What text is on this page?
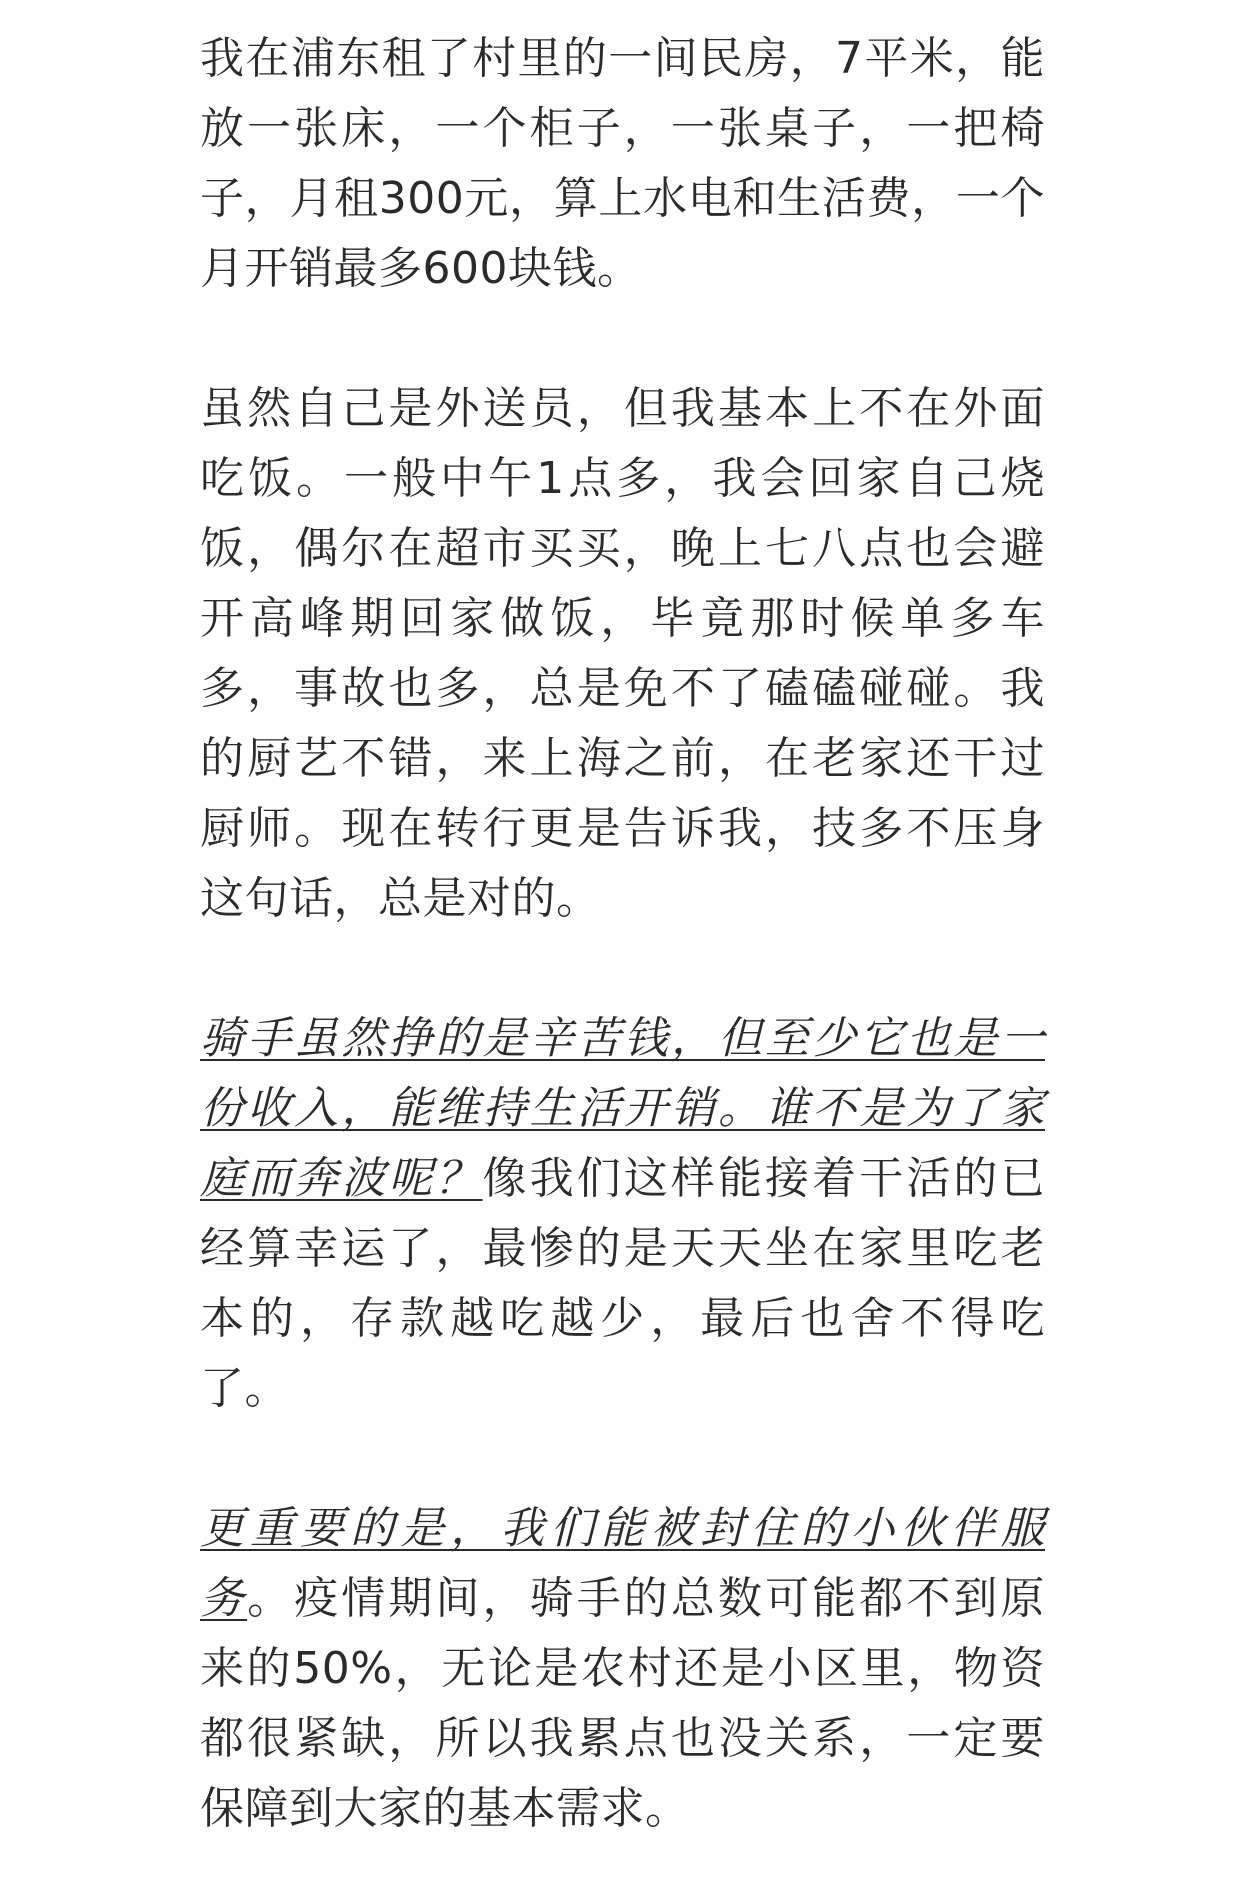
我在浦东租了村里的一间民房，7平米，能放一张床，一个柜子，一张桌子，一把椅子，月租300元，算上水电和生活费，一个月开销最多600块钱。

虽然自己是外送员，但我基本上不在外面吃饭。一般中午1点多，我会回家自己烧饭，偶尔在超市买买，晚上七八点也会避开高峰期回家做饭，毕竟那时候单多车多，事故也多，总是免不了磕磕碰碰。我的厨艺不错，来上海之前，在老家还干过厨师。现在转行更是告诉我，技多不压身这句话，总是对的。

骑手虽然挣的是辛苦钱，但至少它也是一份收入，能维持生活开销。谁不是为了家庭而奔波呢？像我们这样能接着干活的已经算幸运了，最惨的是天天坐在家里吃老本的，存款越吃越少，最后也舍不得吃了。

更重要的是，我们能被封住的小伙伴服务。疫情期间，骑手的总数可能都不到原来的50%，无论是农村还是小区里，物资都很紧缺，所以我累点也没关系，一定要保障到大家的基本需求。
